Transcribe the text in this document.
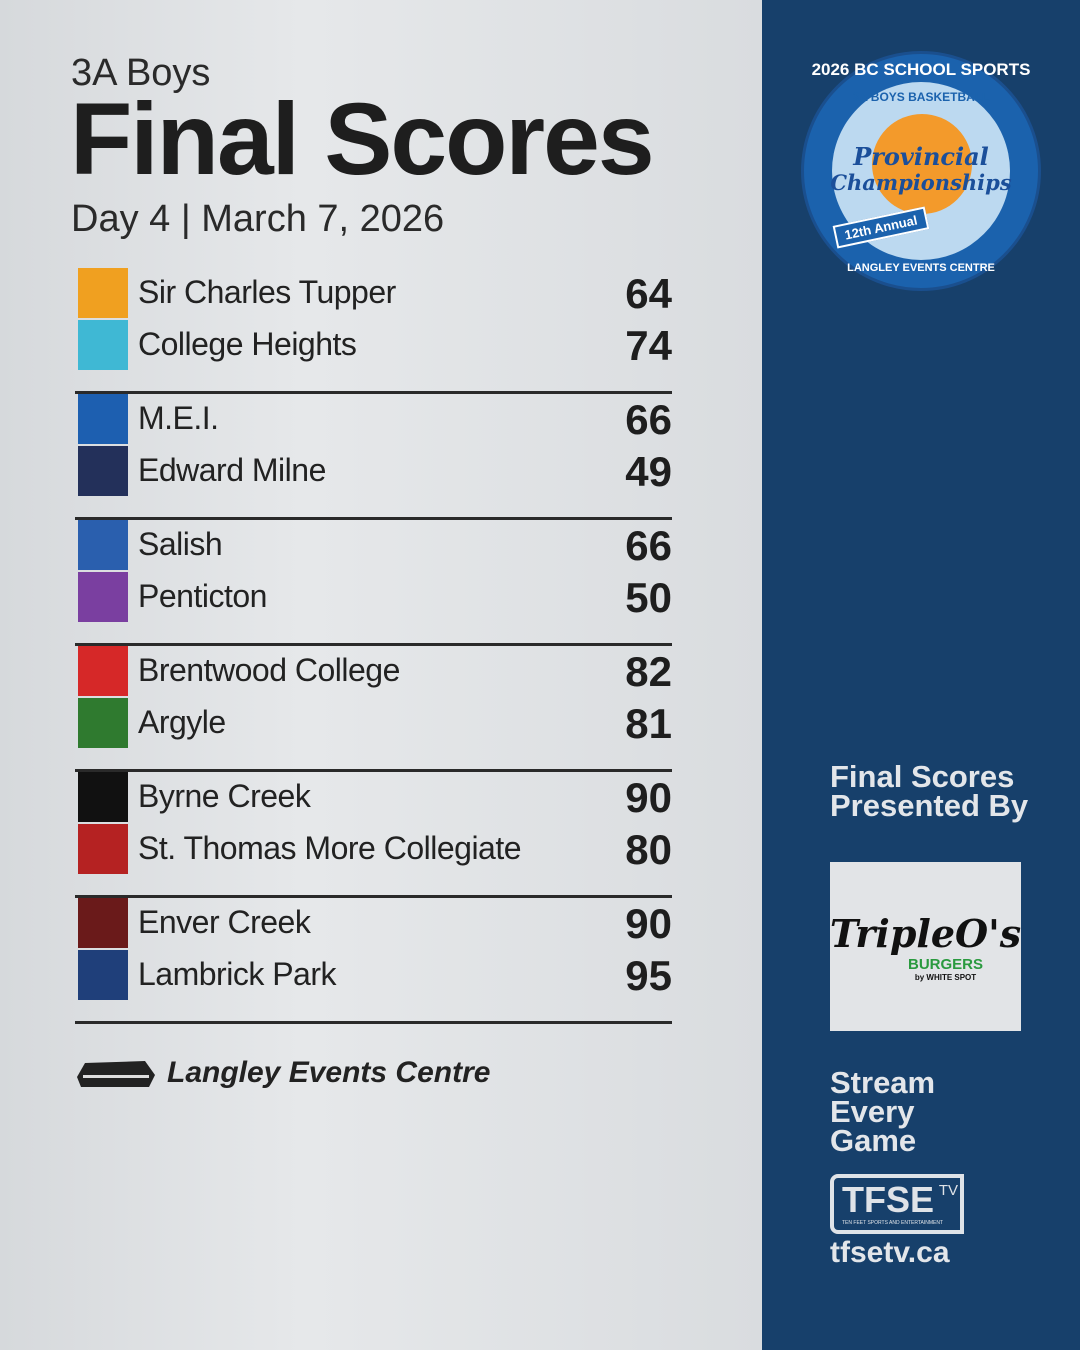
3A Boys
Final Scores
Day 4 | March 7, 2026
Sir Charles Tupper	64
College Heights	74
M.E.I.	66
Edward Milne	49
Salish	66
Penticton	50
Brentwood College	82
Argyle	81
Byrne Creek	90
St. Thomas More Collegiate 80
Enver Creek	90
Lambrick Park	95
Langley Events Centre
2026 BC SCHOOL SPORTS
3A BOYS BASKETBALL
Provincial
Championships
12th Annual
LANGLEY EVENTS CENTRE
Final Scores Presented By
TripleO's
BURGERS
by WHITE SPOT
Stream Every Game
TFSE
TEN FEET SPORTS AND ENTERTAINMENT
TV
tfsetv.ca
